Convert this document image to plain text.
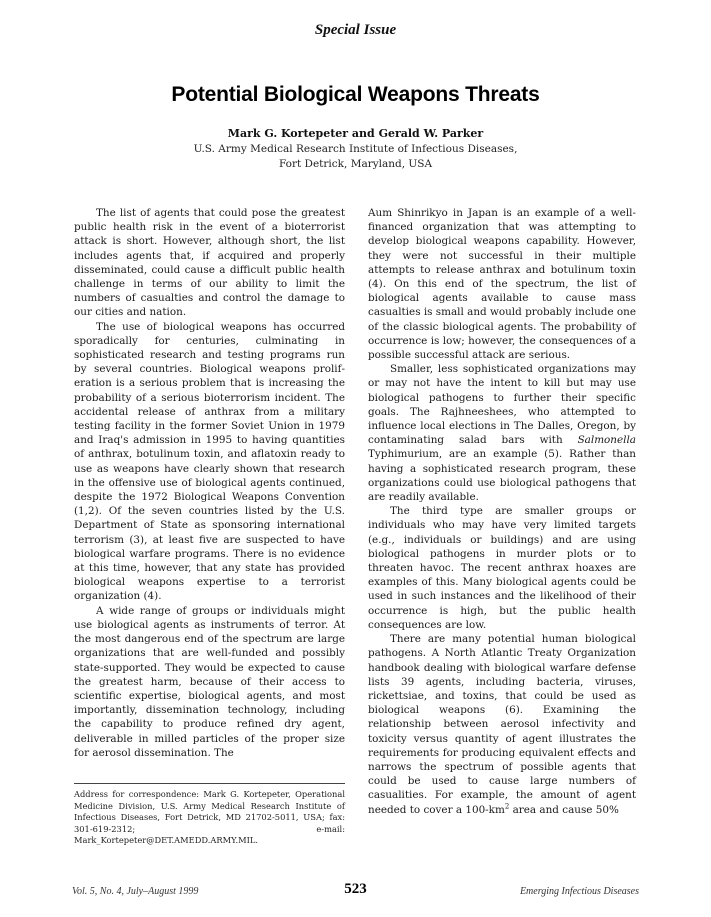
Special Issue
Potential Biological Weapons Threats
Mark G. Kortepeter and Gerald W. Parker
U.S. Army Medical Research Institute of Infectious Diseases,
Fort Detrick, Maryland, USA

The list of agents that could pose the greatest public health risk in the event of a bioterrorist attack is short. However, although short, the list includes agents that, if acquired and properly disseminated, could cause a difficult public health challenge in terms of our ability to limit the numbers of casualties and control the damage to our cities and nation.

The use of biological weapons has occurred sporadically for centuries, culminating in sophisticated research and testing programs run by several countries. Biological weapons proliferation is a serious problem that is increasing the probability of a serious bioterrorism incident. The accidental release of anthrax from a military testing facility in the former Soviet Union in 1979 and Iraq's admission in 1995 to having quantities of anthrax, botulinum toxin, and aflatoxin ready to use as weapons have clearly shown that research in the offensive use of biological agents continued, despite the 1972 Biological Weapons Convention (1,2). Of the seven countries listed by the U.S. Department of State as sponsoring international terrorism (3), at least five are suspected to have biological warfare programs. There is no evidence at this time, however, that any state has provided biological weapons expertise to a terrorist organization (4).

A wide range of groups or individuals might use biological agents as instruments of terror. At the most dangerous end of the spectrum are large organizations that are well-funded and possibly state-supported. They would be expected to cause the greatest harm, because of their access to scientific expertise, biological agents, and most importantly, dissemination technology, including the capability to produce refined dry agent, deliverable in milled particles of the proper size for aerosol dissemination. The

Address for correspondence: Mark G. Kortepeter, Operational Medicine Division, U.S. Army Medical Research Institute of Infectious Diseases, Fort Detrick, MD 21702-5011, USA; fax: 301-619-2312; e-mail: Mark_Kortepeter@DET.AMEDD.ARMY.MIL.

Aum Shinrikyo in Japan is an example of a well-financed organization that was attempting to develop biological weapons capability. However, they were not successful in their multiple attempts to release anthrax and botulinum toxin (4). On this end of the spectrum, the list of biological agents available to cause mass casualties is small and would probably include one of the classic biological agents. The probability of occurrence is low; however, the consequences of a possible successful attack are serious.

Smaller, less sophisticated organizations may or may not have the intent to kill but may use biological pathogens to further their specific goals. The Rajhneeshees, who attempted to influence local elections in The Dalles, Oregon, by contaminating salad bars with Salmonella Typhimurium, are an example (5). Rather than having a sophisticated research program, these organizations could use biological pathogens that are readily available.

The third type are smaller groups or individuals who may have very limited targets (e.g., individuals or buildings) and are using biological pathogens in murder plots or to threaten havoc. The recent anthrax hoaxes are examples of this. Many biological agents could be used in such instances and the likelihood of their occurrence is high, but the public health consequences are low.

There are many potential human biological pathogens. A North Atlantic Treaty Organization handbook dealing with biological warfare defense lists 39 agents, including bacteria, viruses, rickettsiae, and toxins, that could be used as biological weapons (6). Examining the relationship between aerosol infectivity and toxicity versus quantity of agent illustrates the requirements for producing equivalent effects and narrows the spectrum of possible agents that could be used to cause large numbers of casualities. For example, the amount of agent needed to cover a $100-km^2$ area and cause 50%

Vol. 5, No. 4, July–August 1999	523	Emerging Infectious Diseases
